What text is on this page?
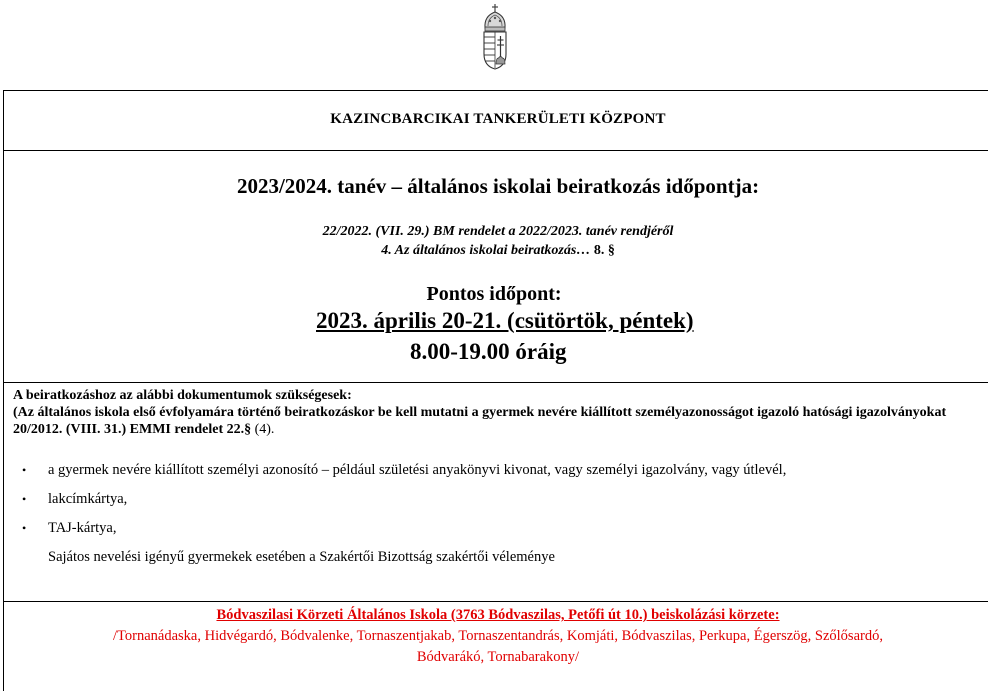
KAZINCBARCIKAI TANKERÜLETI KÖZPONT
2023/2024. tanév – általános iskolai beiratkozás időpontja:
22/2022. (VII. 29.) BM rendelet a 2022/2023. tanév rendjéről
4. Az általános iskolai beiratkozás… 8. §
Pontos időpont:
2023. április 20-21. (csütörtök, péntek)
8.00-19.00 óráig
A beiratkozáshoz az alábbi dokumentumok szükségesek:
(Az általános iskola első évfolyamára történő beiratkozáskor be kell mutatni a gyermek nevére kiállított személyazonosságot igazoló hatósági igazolványokat 20/2012. (VIII. 31.) EMMI rendelet 22.§ (4).
• a gyermek nevére kiállított személyi azonosító – például születési anyakönyvi kivonat, vagy személyi igazolvány, vagy útlevél,
• lakcímkártya,
• TAJ-kártya,
Sajátos nevelési igényű gyermekek esetében a Szakértői Bizottság szakértői véleménye
Bódvaszilasi Körzeti Általános Iskola (3763 Bódvaszilas, Petőfi út 10.) beiskolázási körzete:
/Tornanádaska, Hidvégardó, Bódvalenke, Tornaszentjakab, Tornaszentandrás, Komjáti, Bódvaszilas, Perkupa, Égerszög, Szőlősardó,
Bódvarákó, Tornabarakony/
